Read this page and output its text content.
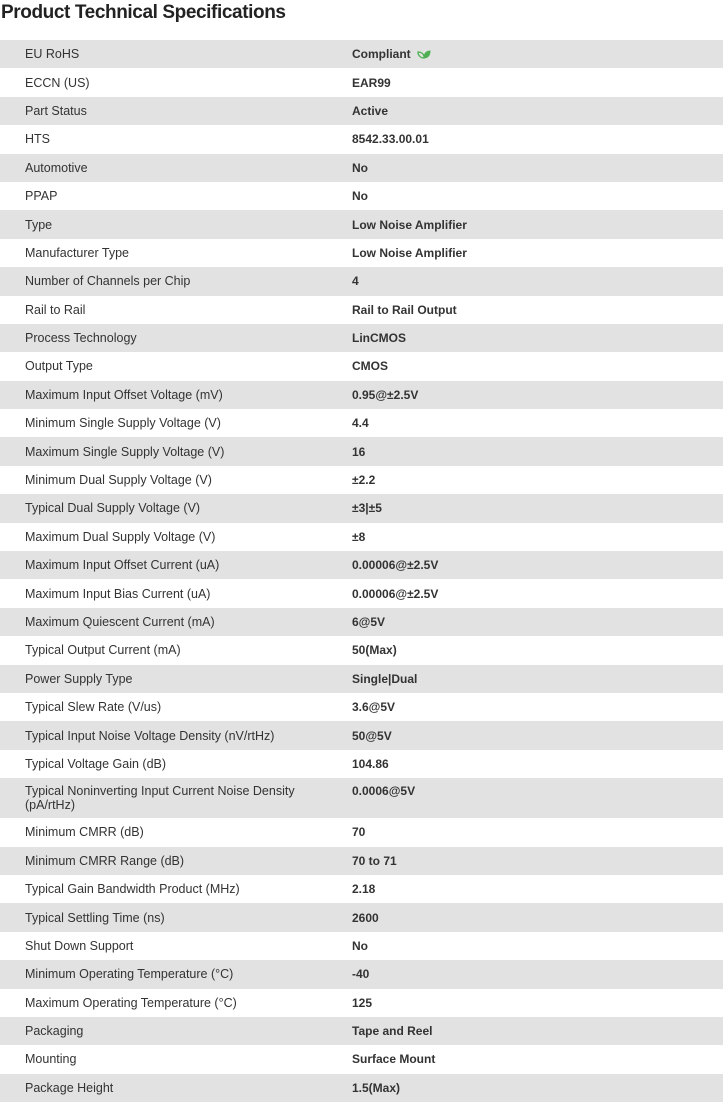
Product Technical Specifications
EU RoHS	Compliant
ECCN (US)	EAR99
Part Status	Active
HTS	8542.33.00.01
Automotive	No
PPAP	No
Type	Low Noise Amplifier
Manufacturer Type	Low Noise Amplifier
Number of Channels per Chip	4
Rail to Rail	Rail to Rail Output
Process Technology	LinCMOS
Output Type	CMOS
Maximum Input Offset Voltage (mV)	0.95@±2.5V
Minimum Single Supply Voltage (V)	4.4
Maximum Single Supply Voltage (V)	16
Minimum Dual Supply Voltage (V)	±2.2
Typical Dual Supply Voltage (V)	±3|±5
Maximum Dual Supply Voltage (V)	±8
Maximum Input Offset Current (uA)	0.00006@±2.5V
Maximum Input Bias Current (uA)	0.00006@±2.5V
Maximum Quiescent Current (mA)	6@5V
Typical Output Current (mA)	50(Max)
Power Supply Type	Single|Dual
Typical Slew Rate (V/us)	3.6@5V
Typical Input Noise Voltage Density (nV/rtHz)	50@5V
Typical Voltage Gain (dB)	104.86
Typical Noninverting Input Current Noise Density (pA/rtHz)	0.0006@5V
Minimum CMRR (dB)	70
Minimum CMRR Range (dB)	70 to 71
Typical Gain Bandwidth Product (MHz)	2.18
Typical Settling Time (ns)	2600
Shut Down Support	No
Minimum Operating Temperature (°C)	-40
Maximum Operating Temperature (°C)	125
Packaging	Tape and Reel
Mounting	Surface Mount
Package Height	1.5(Max)
